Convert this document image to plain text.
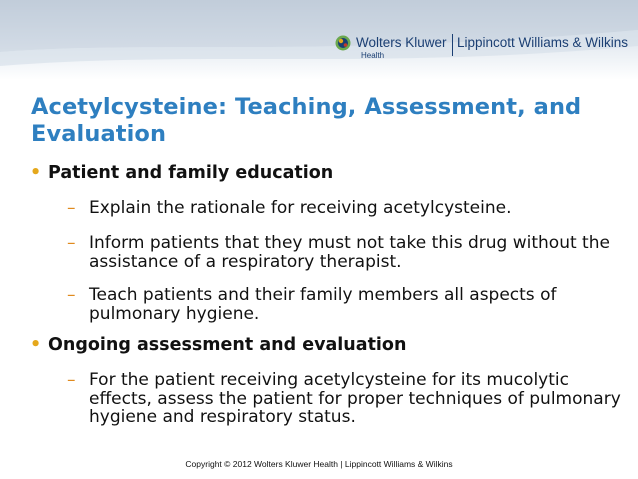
Wolters Kluwer
Health
Lippincott Williams & Wilkins
Acetylcysteine: Teaching, Assessment, and Evaluation
• Patient and family education
– Explain the rationale for receiving acetylcysteine.
– Inform patients that they must not take this drug without the assistance of a respiratory therapist.
– Teach patients and their family members all aspects of pulmonary hygiene.
• Ongoing assessment and evaluation
– For the patient receiving acetylcysteine for its mucolytic effects, assess the patient for proper techniques of pulmonary hygiene and respiratory status.
Copyright © 2012 Wolters Kluwer Health | Lippincott Williams & Wilkins
